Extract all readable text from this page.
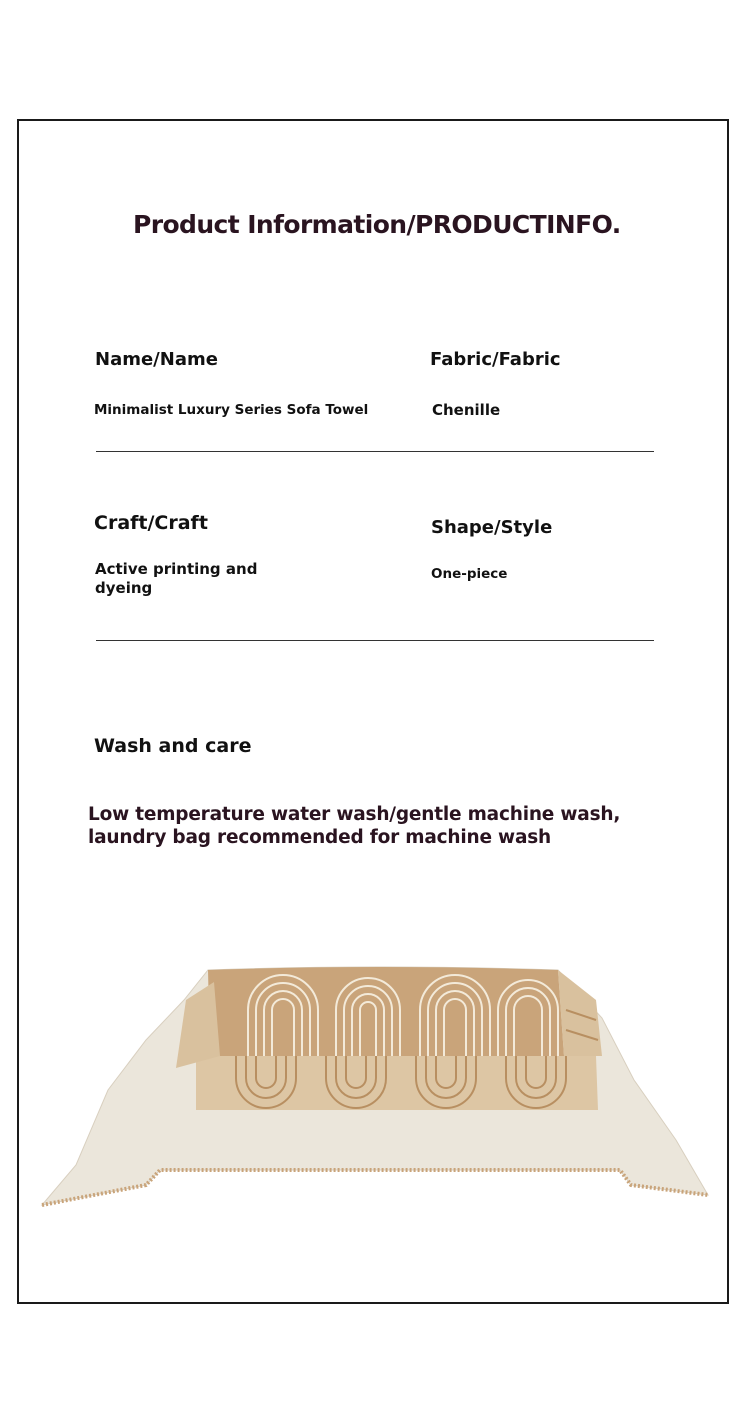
Product Information/PRODUCTINFO.
Name/Name
Minimalist Luxury Series Sofa Towel
Fabric/Fabric
Chenille
Craft/Craft
Active printing and dyeing
Shape/Style
One-piece
Wash and care
Low temperature water wash/gentle machine wash, laundry bag recommended for machine wash
